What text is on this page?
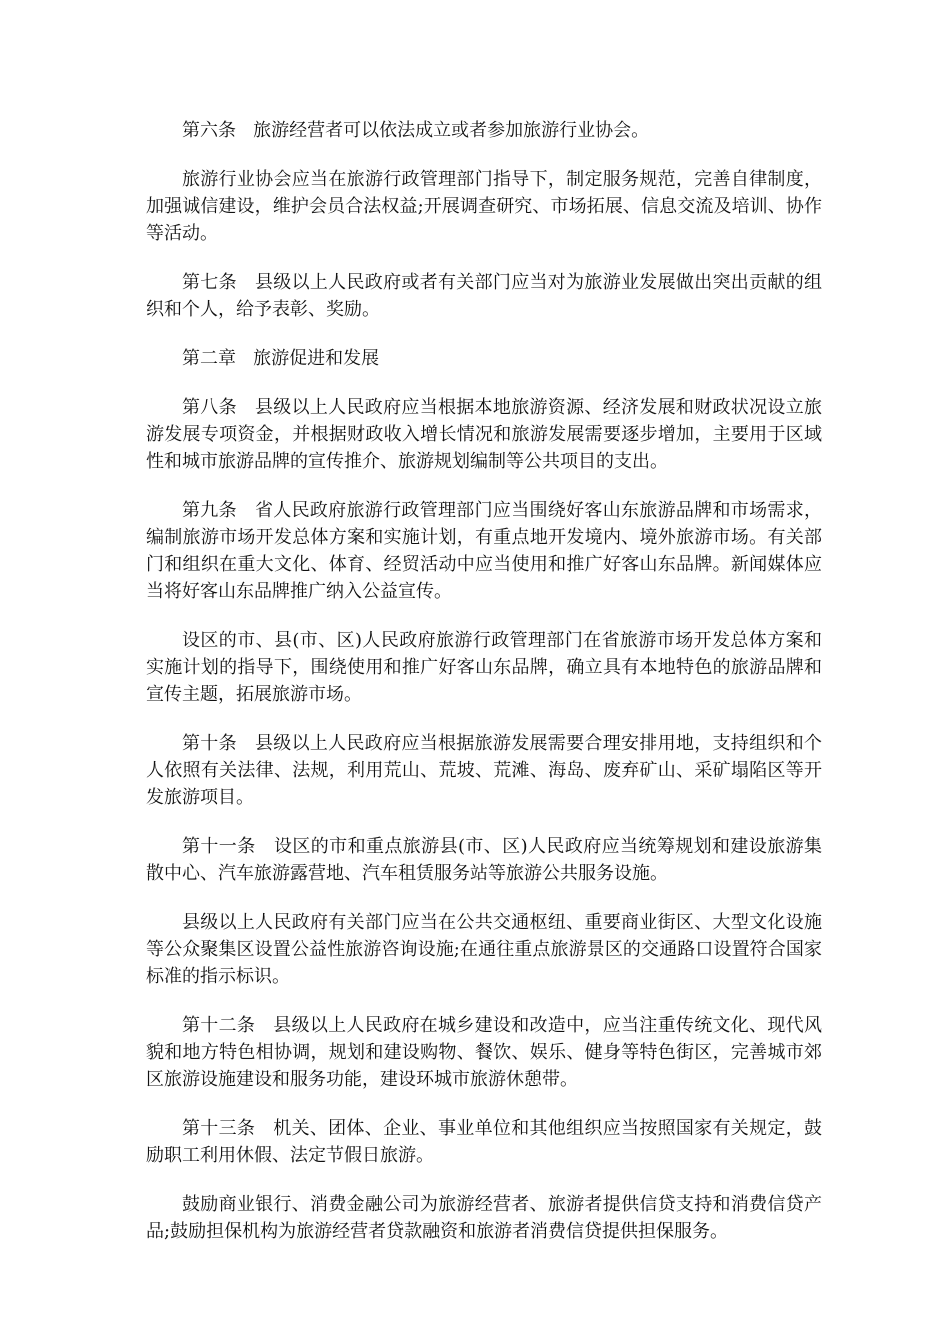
第六条 旅游经营者可以依法成立或者参加旅游行业协会。

旅游行业协会应当在旅游行政管理部门指导下，制定服务规范，完善自律制度，加强诚信建设，维护会员合法权益;开展调查研究、市场拓展、信息交流及培训、协作等活动。

第七条 县级以上人民政府或者有关部门应当对为旅游业发展做出突出贡献的组织和个人，给予表彰、奖励。

第二章 旅游促进和发展

第八条 县级以上人民政府应当根据本地旅游资源、经济发展和财政状况设立旅游发展专项资金，并根据财政收入增长情况和旅游发展需要逐步增加，主要用于区域性和城市旅游品牌的宣传推介、旅游规划编制等公共项目的支出。

第九条 省人民政府旅游行政管理部门应当围绕好客山东旅游品牌和市场需求，编制旅游市场开发总体方案和实施计划，有重点地开发境内、境外旅游市场。有关部门和组织在重大文化、体育、经贸活动中应当使用和推广好客山东品牌。新闻媒体应当将好客山东品牌推广纳入公益宣传。

设区的市、县(市、区)人民政府旅游行政管理部门在省旅游市场开发总体方案和实施计划的指导下，围绕使用和推广好客山东品牌，确立具有本地特色的旅游品牌和宣传主题，拓展旅游市场。

第十条 县级以上人民政府应当根据旅游发展需要合理安排用地，支持组织和个人依照有关法律、法规，利用荒山、荒坡、荒滩、海岛、废弃矿山、采矿塌陷区等开发旅游项目。

第十一条 设区的市和重点旅游县(市、区)人民政府应当统筹规划和建设旅游集散中心、汽车旅游露营地、汽车租赁服务站等旅游公共服务设施。

县级以上人民政府有关部门应当在公共交通枢纽、重要商业街区、大型文化设施等公众聚集区设置公益性旅游咨询设施;在通往重点旅游景区的交通路口设置符合国家标准的指示标识。

第十二条 县级以上人民政府在城乡建设和改造中，应当注重传统文化、现代风貌和地方特色相协调，规划和建设购物、餐饮、娱乐、健身等特色街区，完善城市郊区旅游设施建设和服务功能，建设环城市旅游休憩带。

第十三条 机关、团体、企业、事业单位和其他组织应当按照国家有关规定，鼓励职工利用休假、法定节假日旅游。

鼓励商业银行、消费金融公司为旅游经营者、旅游者提供信贷支持和消费信贷产品;鼓励担保机构为旅游经营者贷款融资和旅游者消费信贷提供担保服务。
